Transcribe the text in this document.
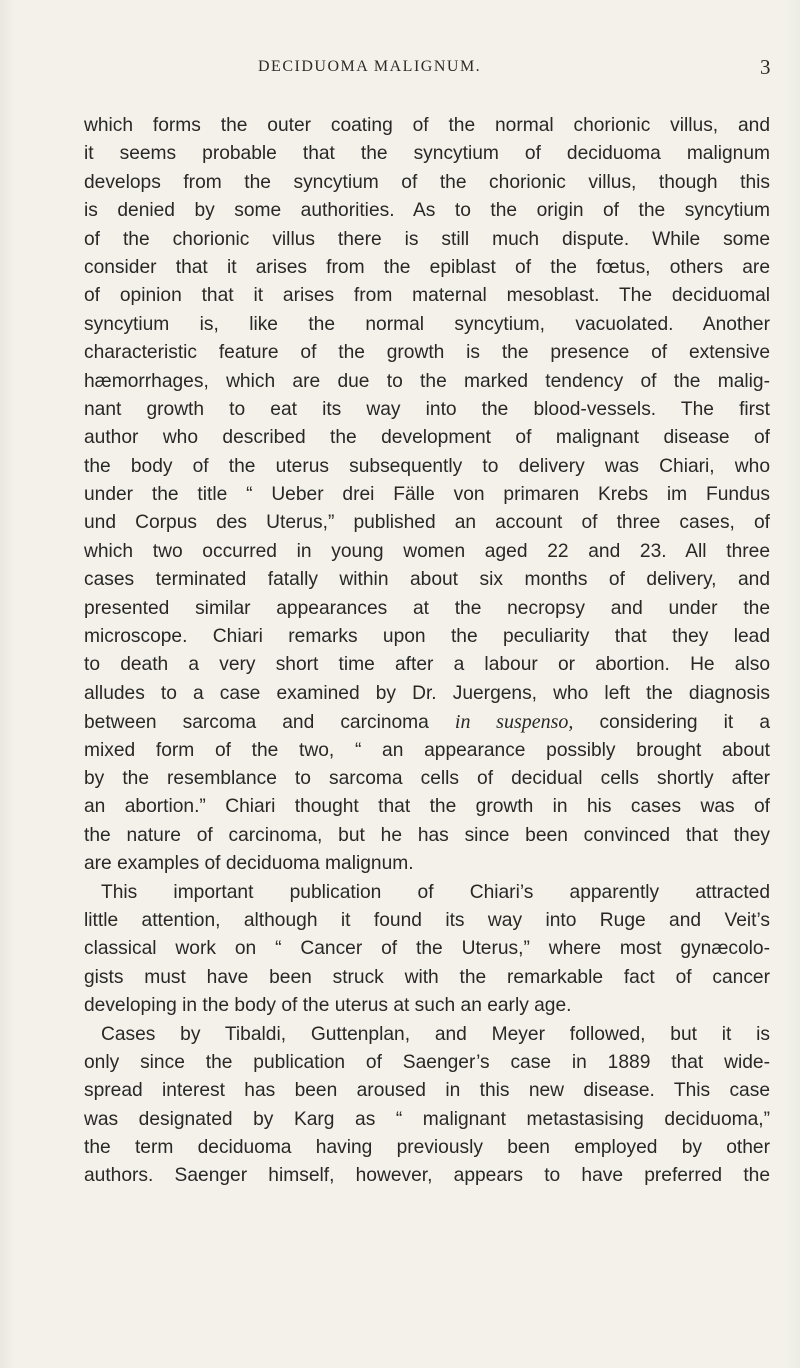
DECIDUOMA MALIGNUM.	3
which forms the outer coating of the normal chorionic villus, and
it seems probable that the syncytium of deciduoma malignum
develops from the syncytium of the chorionic villus, though this
is denied by some authorities. As to the origin of the syncytium
of the chorionic villus there is still much dispute. While some
consider that it arises from the epiblast of the fœtus, others are
of opinion that it arises from maternal mesoblast. The deciduomal
syncytium is, like the normal syncytium, vacuolated. Another
characteristic feature of the growth is the presence of extensive
hæmorrhages, which are due to the marked tendency of the malig-
nant growth to eat its way into the blood-vessels. The first
author who described the development of malignant disease of
the body of the uterus subsequently to delivery was Chiari, who
under the title “ Ueber drei Fälle von primaren Krebs im Fundus
und Corpus des Uterus,” published an account of three cases, of
which two occurred in young women aged 22 and 23. All three
cases terminated fatally within about six months of delivery, and
presented similar appearances at the necropsy and under the
microscope. Chiari remarks upon the peculiarity that they lead
to death a very short time after a labour or abortion. He also
alludes to a case examined by Dr. Juergens, who left the diagnosis
between sarcoma and carcinoma in suspenso, considering it a
mixed form of the two, “ an appearance possibly brought about
by the resemblance to sarcoma cells of decidual cells shortly after
an abortion.” Chiari thought that the growth in his cases was of
the nature of carcinoma, but he has since been convinced that they
are examples of deciduoma malignum.
This important publication of Chiari’s apparently attracted
little attention, although it found its way into Ruge and Veit’s
classical work on “ Cancer of the Uterus,” where most gynæcolo-
gists must have been struck with the remarkable fact of cancer
developing in the body of the uterus at such an early age.
Cases by Tibaldi, Guttenplan, and Meyer followed, but it is
only since the publication of Saenger’s case in 1889 that wide-
spread interest has been aroused in this new disease. This case
was designated by Karg as “ malignant metastasising deciduoma,”
the term deciduoma having previously been employed by other
authors. Saenger himself, however, appears to have preferred the
